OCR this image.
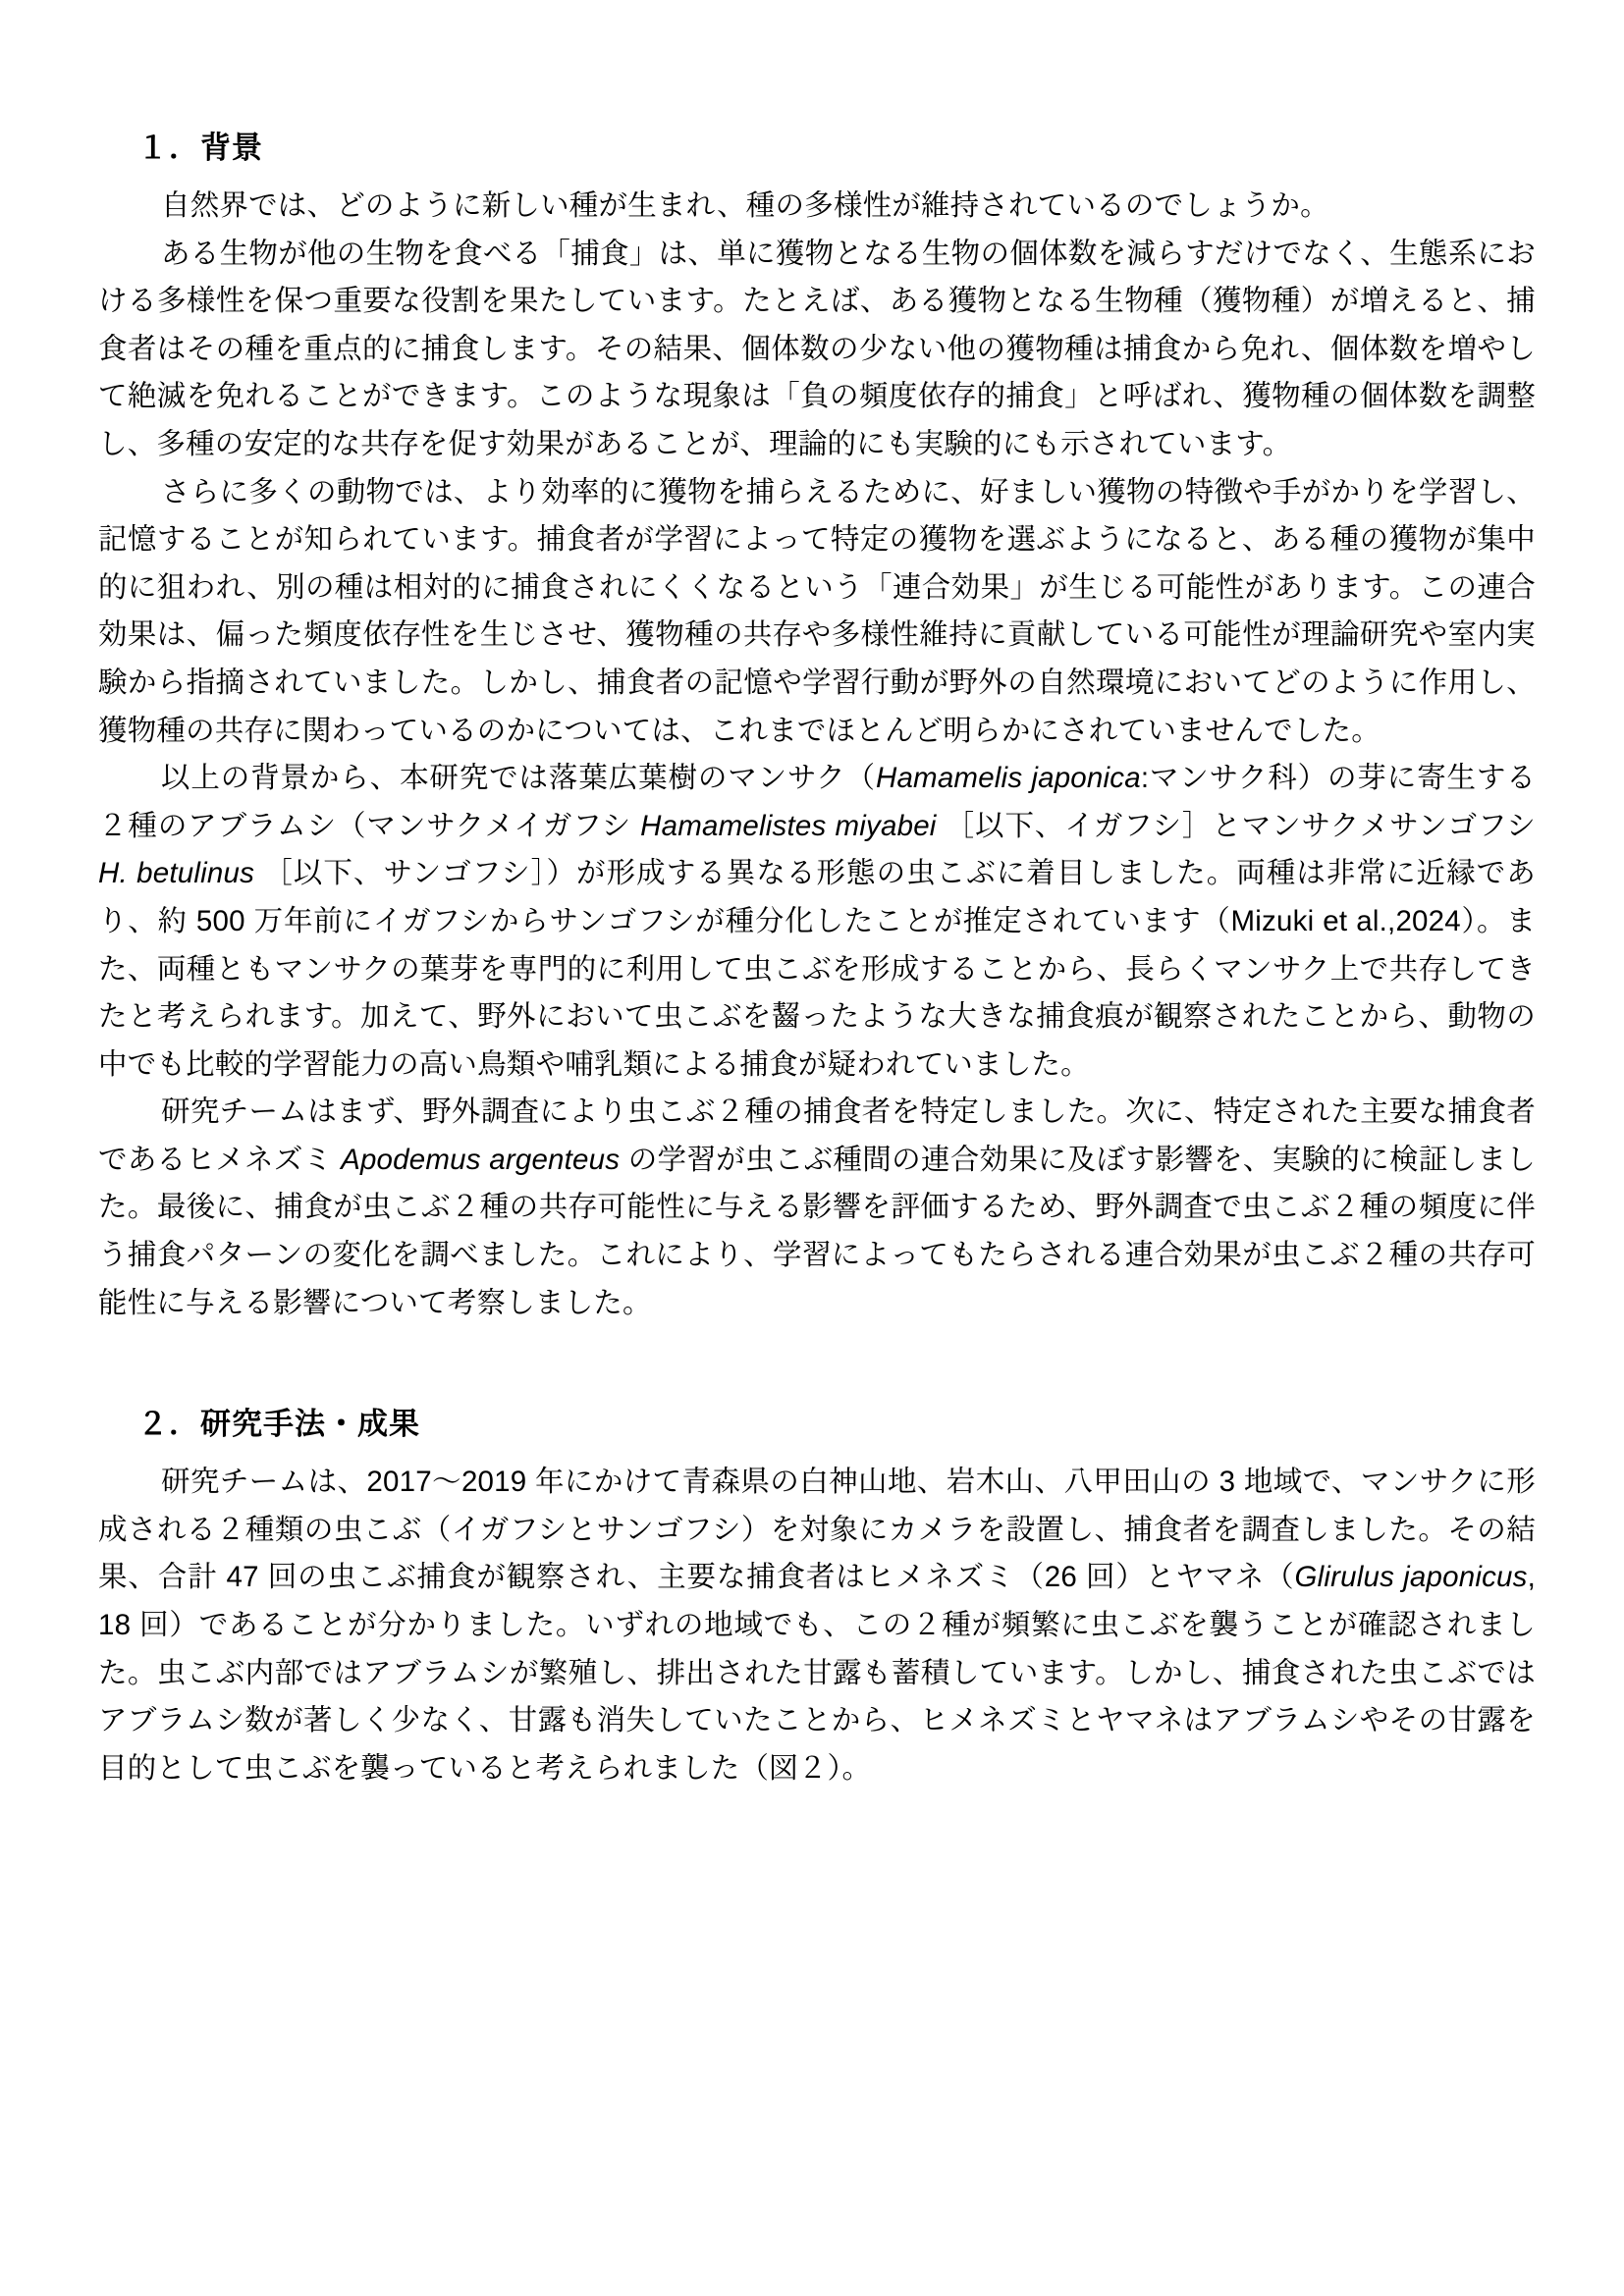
１．背景

自然界では、どのように新しい種が生まれ、種の多様性が維持されているのでしょうか。

ある生物が他の生物を食べる「捕食」は、単に獲物となる生物の個体数を減らすだけでなく、生態系における多様性を保つ重要な役割を果たしています。たとえば、ある獲物となる生物種（獲物種）が増えると、捕食者はその種を重点的に捕食します。その結果、個体数の少ない他の獲物種は捕食から免れ、個体数を増やして絶滅を免れることができます。このような現象は「負の頻度依存的捕食」と呼ばれ、獲物種の個体数を調整し、多種の安定的な共存を促す効果があることが、理論的にも実験的にも示されています。

さらに多くの動物では、より効率的に獲物を捕らえるために、好ましい獲物の特徴や手がかりを学習し、記憶することが知られています。捕食者が学習によって特定の獲物を選ぶようになると、ある種の獲物が集中的に狙われ、別の種は相対的に捕食されにくくなるという「連合効果」が生じる可能性があります。この連合効果は、偏った頻度依存性を生じさせ、獲物種の共存や多様性維持に貢献している可能性が理論研究や室内実験から指摘されていました。しかし、捕食者の記憶や学習行動が野外の自然環境においてどのように作用し、獲物種の共存に関わっているのかについては、これまでほとんど明らかにされていませんでした。

以上の背景から、本研究では落葉広葉樹のマンサク（Hamamelis japonica:マンサク科）の芽に寄生する２種のアブラムシ（マンサクメイガフシ Hamamelistes miyabei ［以下、イガフシ］とマンサクメサンゴフシ H. betulinus ［以下、サンゴフシ］）が形成する異なる形態の虫こぶに着目しました。両種は非常に近縁であり、約 500 万年前にイガフシからサンゴフシが種分化したことが推定されています（Mizuki et al.,2024）。また、両種ともマンサクの葉芽を専門的に利用して虫こぶを形成することから、長らくマンサク上で共存してきたと考えられます。加えて、野外において虫こぶを齧ったような大きな捕食痕が観察されたことから、動物の中でも比較的学習能力の高い鳥類や哺乳類による捕食が疑われていました。

研究チームはまず、野外調査により虫こぶ２種の捕食者を特定しました。次に、特定された主要な捕食者であるヒメネズミ Apodemus argenteus の学習が虫こぶ種間の連合効果に及ぼす影響を、実験的に検証しました。最後に、捕食が虫こぶ２種の共存可能性に与える影響を評価するため、野外調査で虫こぶ２種の頻度に伴う捕食パターンの変化を調べました。これにより、学習によってもたらされる連合効果が虫こぶ２種の共存可能性に与える影響について考察しました。

２．研究手法・成果

研究チームは、2017～2019 年にかけて青森県の白神山地、岩木山、八甲田山の 3 地域で、マンサクに形成される２種類の虫こぶ（イガフシとサンゴフシ）を対象にカメラを設置し、捕食者を調査しました。その結果、合計 47 回の虫こぶ捕食が観察され、主要な捕食者はヒメネズミ（26 回）とヤマネ（Glirulus japonicus, 18 回）であることが分かりました。いずれの地域でも、この２種が頻繁に虫こぶを襲うことが確認されました。虫こぶ内部ではアブラムシが繁殖し、排出された甘露も蓄積しています。しかし、捕食された虫こぶではアブラムシ数が著しく少なく、甘露も消失していたことから、ヒメネズミとヤマネはアブラムシやその甘露を目的として虫こぶを襲っていると考えられました（図２）。
